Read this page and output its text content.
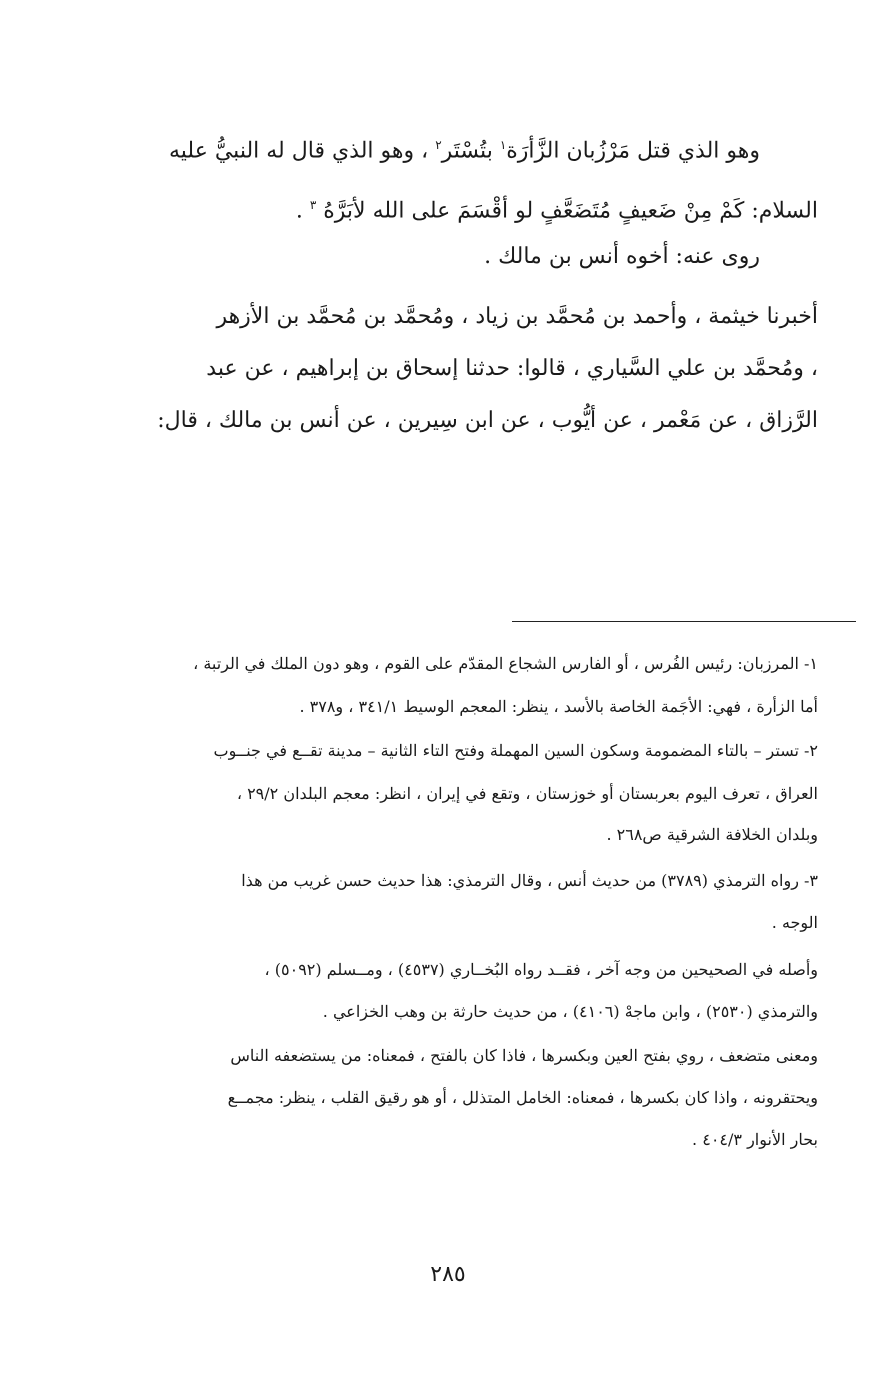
وهو الذي قتل مَرْزُبان الزَّأرَة$^١$ بتُسْتَر$^٢$ ، وهو الذي قال له النبيُّ عليه
السلام: كَمْ مِنْ ضَعيفٍ مُتَضَعَّفٍ لو أقْسَمَ على الله لأبَرَّهُ $^٣$ .
روى عنه: أخوه أنس بن مالك .
أخبرنا خيثمة ، وأحمد بن مُحمَّد بن زياد ، ومُحمَّد بن مُحمَّد بن الأزهر
، ومُحمَّد بن علي السَّياري ، قالوا: حدثنا إسحاق بن إبراهيم ، عن عبد
الرَّزاق ، عن مَعْمر ، عن أيُّوب ، عن ابن سِيرين ، عن أنس بن مالك ، قال:
١- المرزبان: رئيس الفُرس ، أو الفارس الشجاع المقدّم على القوم ، وهو دون الملك في الرتبة ،
أما الزأرة ، فهي: الأجَمة الخاصة بالأسد ، ينظر: المعجم الوسيط ٣٤١/١ ، و٣٧٨ .
٢- تستر – بالتاء المضمومة وسكون السين المهملة وفتح التاء الثانية – مدينة تقــع في جنــوب
العراق ، تعرف اليوم بعربستان أو خوزستان ، وتقع في إيران ، انظر: معجم البلدان ٢٩/٢ ،
وبلدان الخلافة الشرقية ص٢٦٨ .
٣- رواه الترمذي (٣٧٨٩) من حديث أنس ، وقال الترمذي: هذا حديث حسن غريب من هذا
الوجه .
وأصله في الصحيحين من وجه آخر ، فقــد رواه البُخــاري (٤٥٣٧) ، ومــسلم (٥٠٩٢) ،
والترمذي (٢٥٣٠) ، وابن ماجهْ (٤١٠٦) ، من حديث حارثة بن وهب الخزاعي .
ومعنى متضعف ، روي بفتح العين وبكسرها ، فاذا كان بالفتح ، فمعناه: من يستضعفه الناس
ويحتقرونه ، واذا كان بكسرها ، فمعناه: الخامل المتذلل ، أو هو رقيق القلب ، ينظر: مجمــع
بحار الأنوار ٤٠٤/٣ .
٢٨٥
